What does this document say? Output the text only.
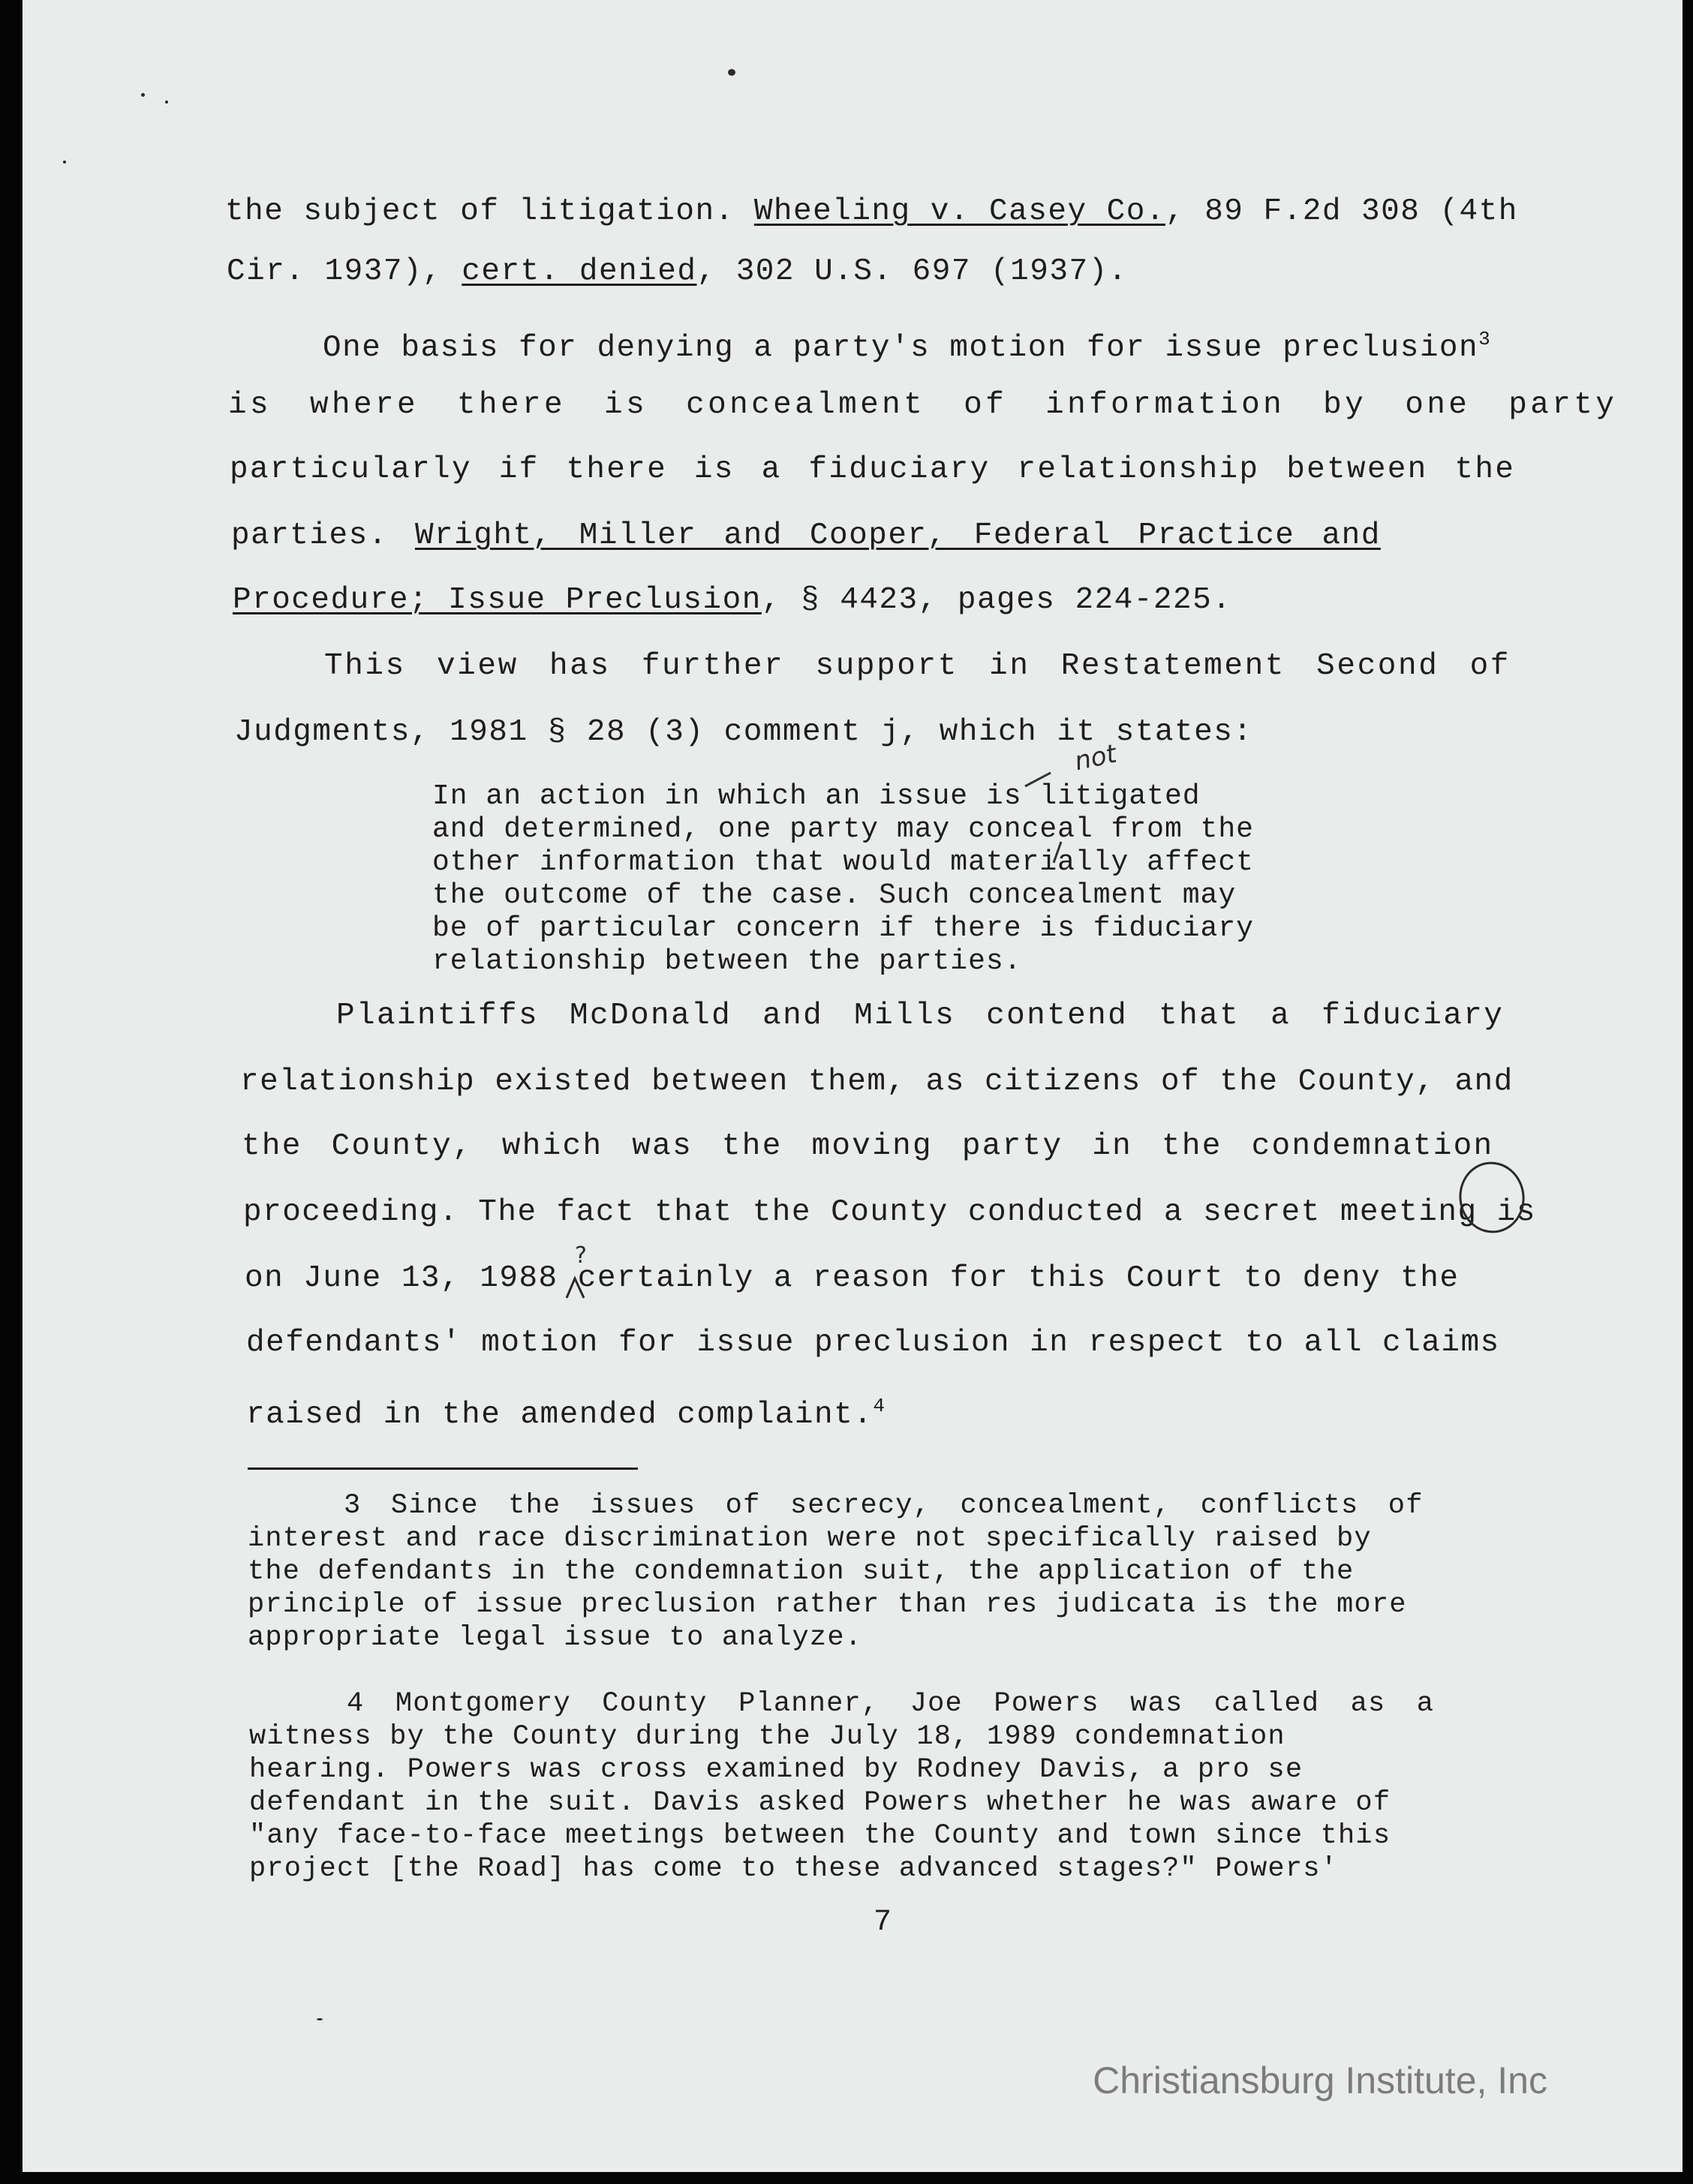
the subject of litigation. Wheeling v. Casey Co., 89 F.2d 308 (4th
Cir. 1937), cert. denied, 302 U.S. 697 (1937).
One basis for denying a party's motion for issue preclusion$^3$
is where there is concealment of information by one party
particularly if there is a fiduciary relationship between the
parties. Wright, Miller and Cooper, Federal Practice and
Procedure; Issue Preclusion, § 4423, pages 224-225.
This view has further support in Restatement Second of
Judgments, 1981 § 28 (3) comment j, which it states:
In an action in which an issue is litigated
and determined, one party may conceal from the
other information that would materially affect
the outcome of the case. Such concealment may
be of particular concern if there is fiduciary
relationship between the parties.
not
Plaintiffs McDonald and Mills contend that a fiduciary
relationship existed between them, as citizens of the County, and
the County, which was the moving party in the condemnation
proceeding. The fact that the County conducted a secret meeting is
on June 13, 1988 certainly a reason for this Court to deny the
?
defendants' motion for issue preclusion in respect to all claims
raised in the amended complaint.$^4$
3 Since the issues of secrecy, concealment, conflicts of
interest and race discrimination were not specifically raised by
the defendants in the condemnation suit, the application of the
principle of issue preclusion rather than res judicata is the more
appropriate legal issue to analyze.
4 Montgomery County Planner, Joe Powers was called as a
witness by the County during the July 18, 1989 condemnation
hearing. Powers was cross examined by Rodney Davis, a pro se
defendant in the suit. Davis asked Powers whether he was aware of
"any face-to-face meetings between the County and town since this
project [the Road] has come to these advanced stages?" Powers'
7
Christiansburg Institute, Inc
